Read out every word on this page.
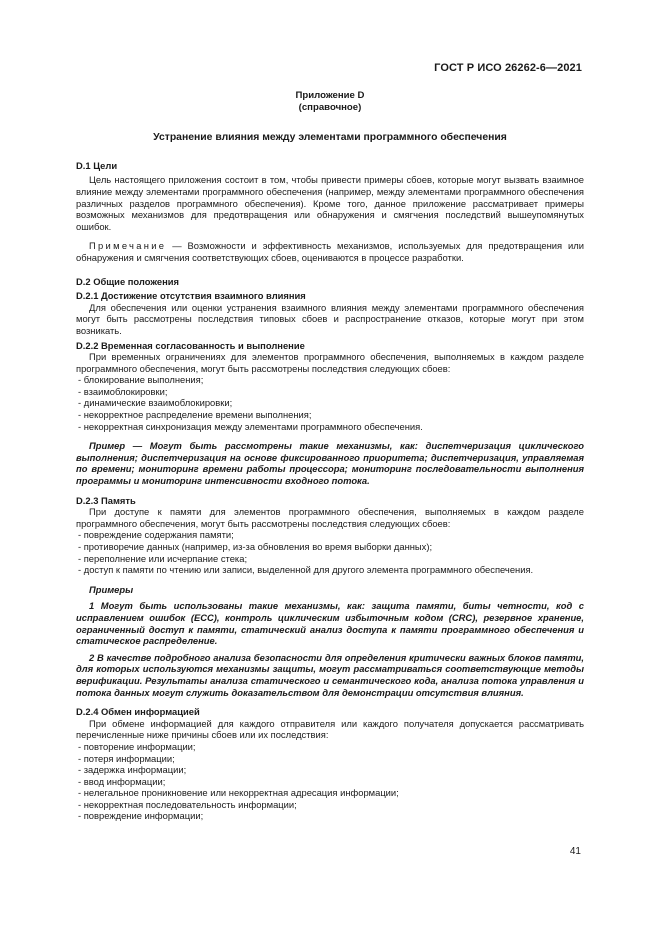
ГОСТ Р ИСО 26262-6—2021

Приложение D

(справочное)

Устранение влияния между элементами программного обеспечения

D.1 Цели

Цель настоящего приложения состоит в том, чтобы привести примеры сбоев, которые могут вызвать взаимное влияние между элементами программного обеспечения (например, между элементами программного обеспечения различных разделов программного обеспечения). Кроме того, данное приложение рассматривает примеры возможных механизмов для предотвращения или обнаружения и смягчения последствий вышеупомянутых ошибок.

Примечание — Возможности и эффективность механизмов, используемых для предотвращения или обнаружения и смягчения соответствующих сбоев, оцениваются в процессе разработки.

D.2 Общие положения

D.2.1 Достижение отсутствия взаимного влияния

Для обеспечения или оценки устранения взаимного влияния между элементами программного обеспечения могут быть рассмотрены последствия типовых сбоев и распространение отказов, которые могут при этом возникать.

D.2.2 Временная согласованность и выполнение

При временных ограничениях для элементов программного обеспечения, выполняемых в каждом разделе программного обеспечения, могут быть рассмотрены последствия следующих сбоев:

- блокирование выполнения;
- взаимоблокировки;
- динамические взаимоблокировки;
- некорректное распределение времени выполнения;
- некорректная синхронизация между элементами программного обеспечения.

Пример — Могут быть рассмотрены такие механизмы, как: диспетчеризация циклического выполнения; диспетчеризация на основе фиксированного приоритета; диспетчеризация, управляемая по времени; мониторинг времени работы процессора; мониторинг последовательности выполнения программы и мониторинг интенсивности входного потока.

D.2.3 Память

При доступе к памяти для элементов программного обеспечения, выполняемых в каждом разделе программного обеспечения, могут быть рассмотрены последствия следующих сбоев:

- повреждение содержания памяти;
- противоречие данных (например, из-за обновления во время выборки данных);
- переполнение или исчерпание стека;
- доступ к памяти по чтению или записи, выделенной для другого элемента программного обеспечения.

Примеры

1 Могут быть использованы такие механизмы, как: защита памяти, биты четности, код с исправлением ошибок (ECC), контроль циклическим избыточным кодом (CRC), резервное хранение, ограниченный доступ к памяти, статический анализ доступа к памяти программного обеспечения и статическое распределение.

2 В качестве подробного анализа безопасности для определения критически важных блоков памяти, для которых используются механизмы защиты, могут рассматриваться соответствующие методы верификации. Результаты анализа статического и семантического кода, анализа потока управления и потока данных могут служить доказательством для демонстрации отсутствия влияния.

D.2.4 Обмен информацией

При обмене информацией для каждого отправителя или каждого получателя допускается рассматривать перечисленные ниже причины сбоев или их последствия:

- повторение информации;
- потеря информации;
- задержка информации;
- ввод информации;
- нелегальное проникновение или некорректная адресация информации;
- некорректная последовательность информации;
- повреждение информации;
41
